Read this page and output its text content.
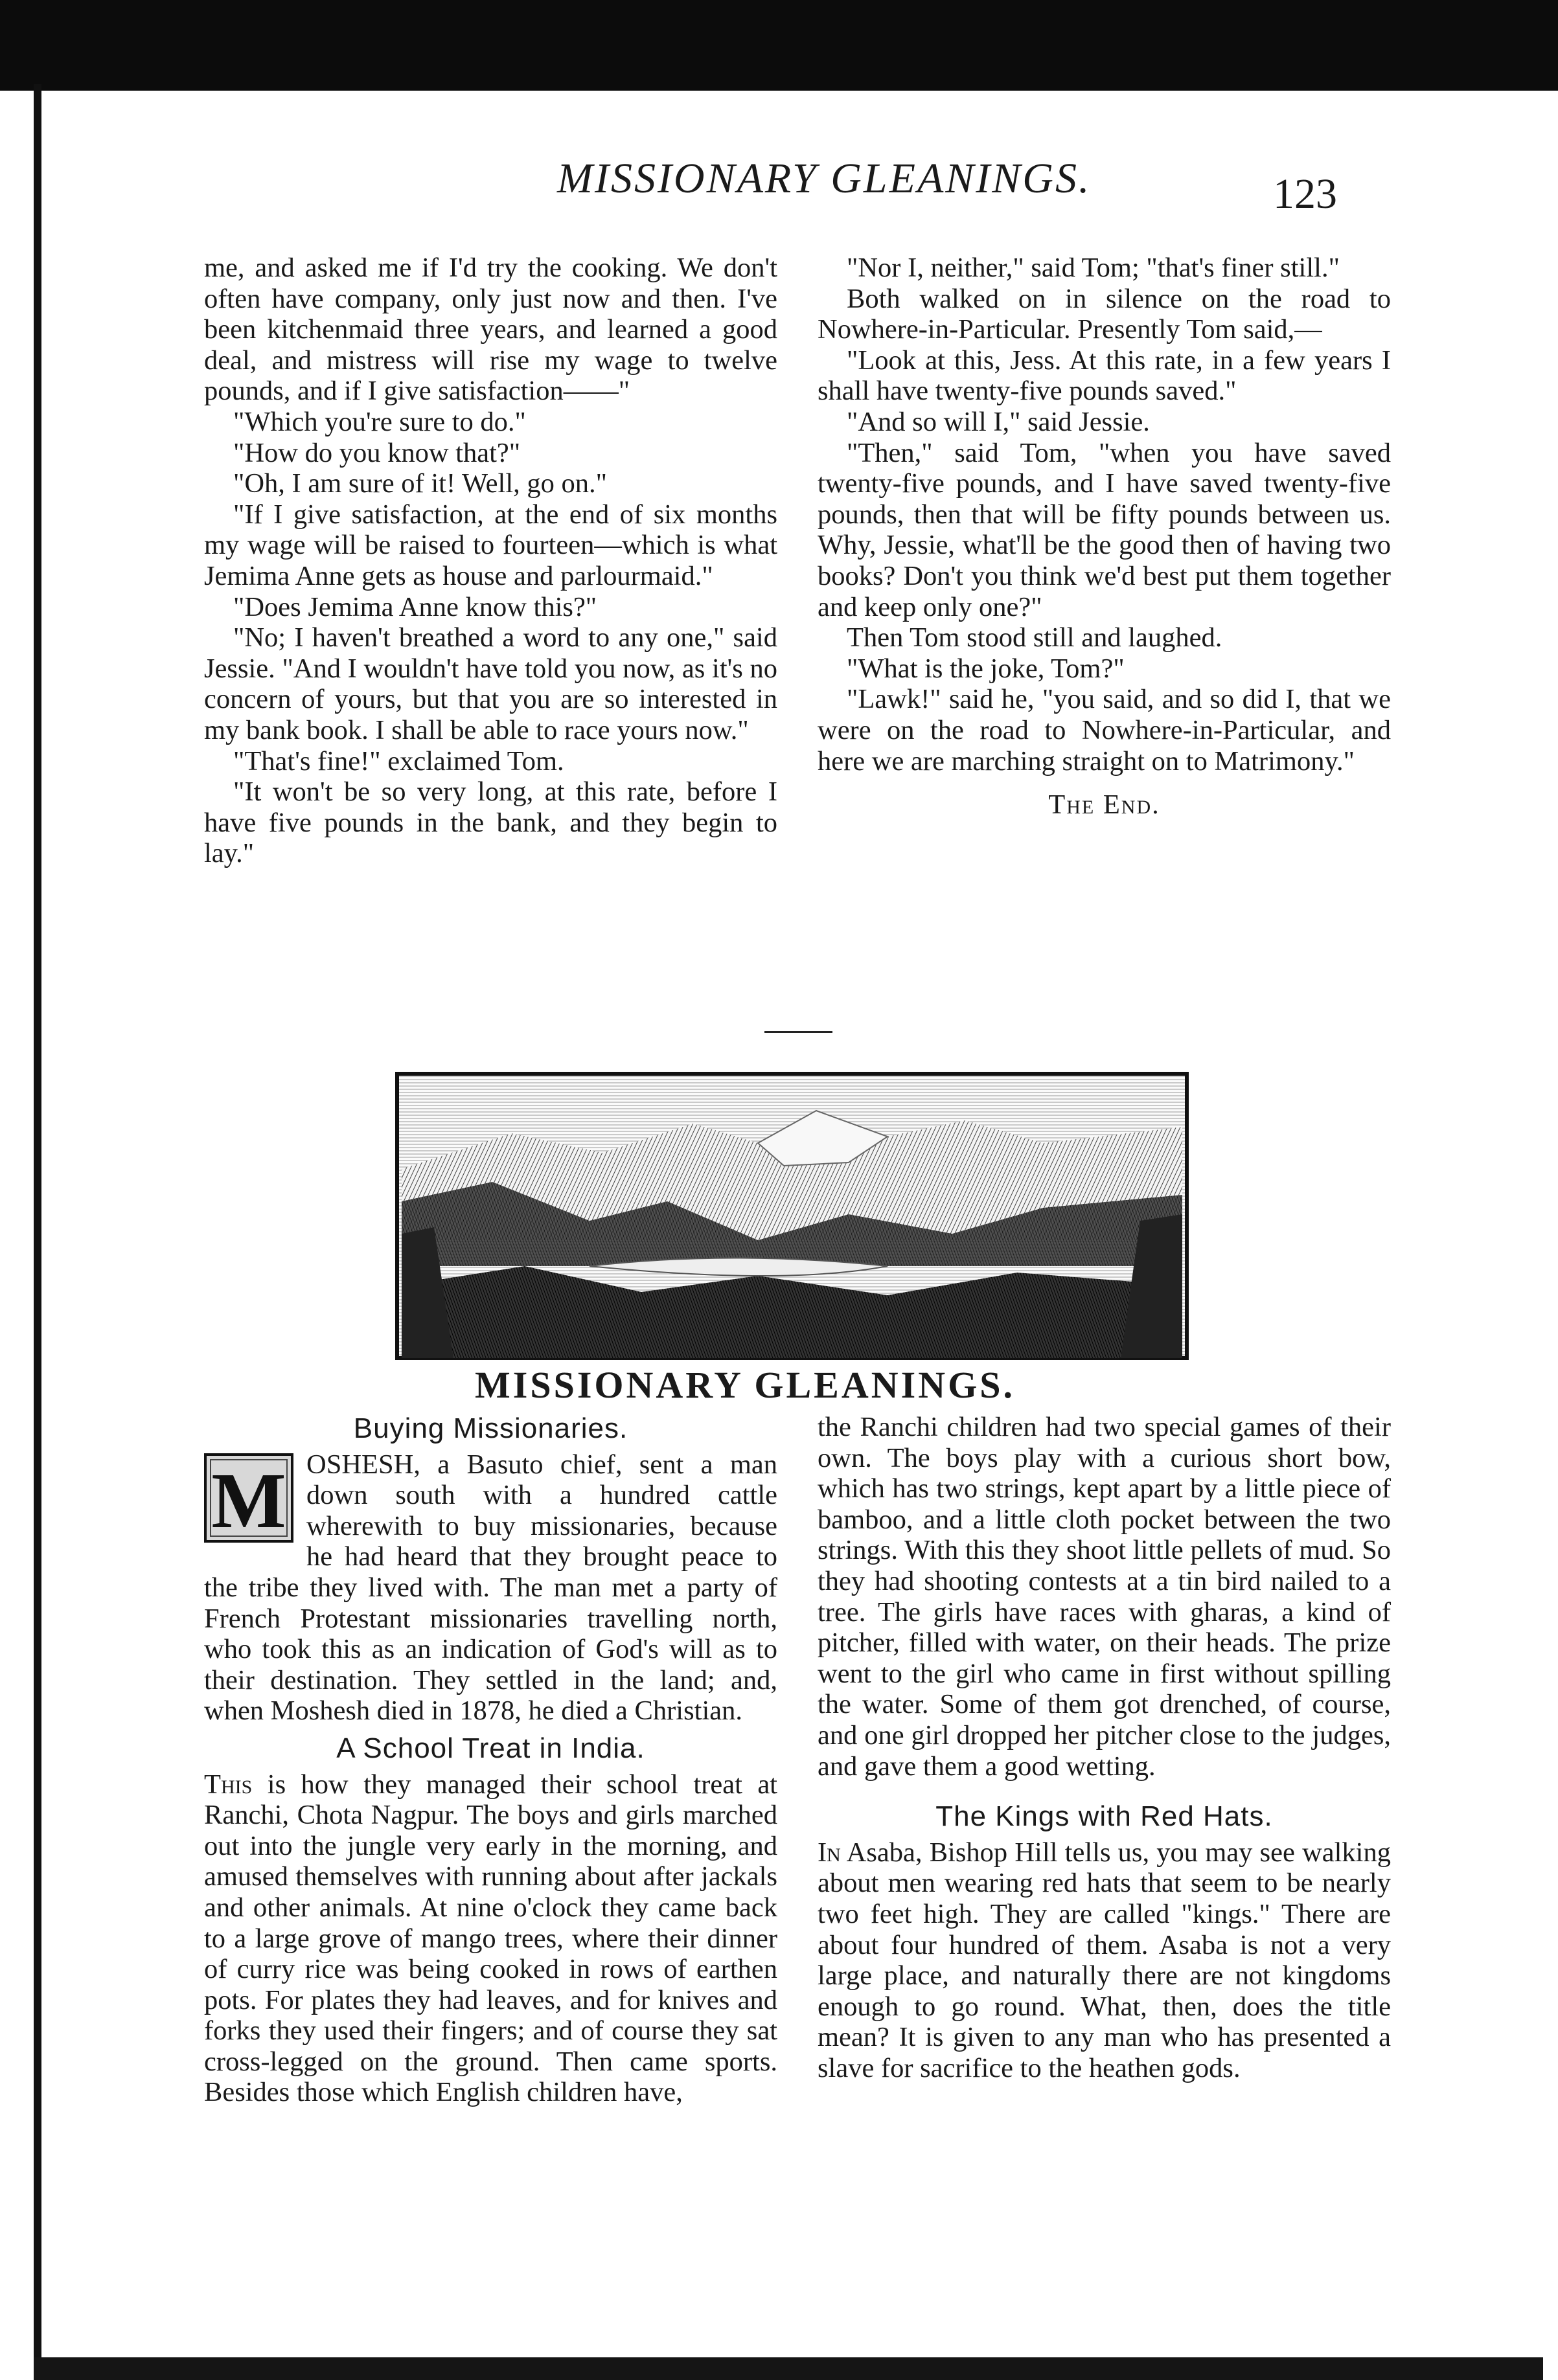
MISSIONARY GLEANINGS.	123

me, and asked me if I'd try the cooking. We don't often have company, only just now and then. I've been kitchenmaid three years, and learned a good deal, and mistress will rise my wage to twelve pounds, and if I give satisfaction——"

"Which you're sure to do."

"How do you know that?"

"Oh, I am sure of it! Well, go on."

"If I give satisfaction, at the end of six months my wage will be raised to fourteen—which is what Jemima Anne gets as house and parlourmaid."

"Does Jemima Anne know this?"

"No; I haven't breathed a word to any one," said Jessie. "And I wouldn't have told you now, as it's no concern of yours, but that you are so interested in my bank book. I shall be able to race yours now."

"That's fine!" exclaimed Tom.

"It won't be so very long, at this rate, before I have five pounds in the bank, and they begin to lay."

"Nor I, neither," said Tom; "that's finer still."

Both walked on in silence on the road to Nowhere-in-Particular. Presently Tom said,—

"Look at this, Jess. At this rate, in a few years I shall have twenty-five pounds saved."

"And so will I," said Jessie.

"Then," said Tom, "when you have saved twenty-five pounds, and I have saved twenty-five pounds, then that will be fifty pounds between us. Why, Jessie, what'll be the good then of having two books? Don't you think we'd best put them together and keep only one?"

Then Tom stood still and laughed.

"What is the joke, Tom?"

"Lawk!" said he, "you said, and so did I, that we were on the road to Nowhere-in-Particular, and here we are marching straight on to Matrimony."

The End.

MISSIONARY GLEANINGS.

Buying Missionaries.

M OSHESH, a Basuto chief, sent a man down south with a hundred cattle wherewith to buy missionaries, because he had heard that they brought peace to the tribe they lived with. The man met a party of French Protestant missionaries travelling north, who took this as an indication of God's will as to their destination. They settled in the land; and, when Moshesh died in 1878, he died a Christian.

A School Treat in India.

This is how they managed their school treat at Ranchi, Chota Nagpur. The boys and girls marched out into the jungle very early in the morning, and amused themselves with running about after jackals and other animals. At nine o'clock they came back to a large grove of mango trees, where their dinner of curry rice was being cooked in rows of earthen pots. For plates they had leaves, and for knives and forks they used their fingers; and of course they sat cross-legged on the ground. Then came sports. Besides those which English children have,

the Ranchi children had two special games of their own. The boys play with a curious short bow, which has two strings, kept apart by a little piece of bamboo, and a little cloth pocket between the two strings. With this they shoot little pellets of mud. So they had shooting contests at a tin bird nailed to a tree. The girls have races with gharas, a kind of pitcher, filled with water, on their heads. The prize went to the girl who came in first without spilling the water. Some of them got drenched, of course, and one girl dropped her pitcher close to the judges, and gave them a good wetting.

The Kings with Red Hats.

In Asaba, Bishop Hill tells us, you may see walking about men wearing red hats that seem to be nearly two feet high. They are called "kings." There are about four hundred of them. Asaba is not a very large place, and naturally there are not kingdoms enough to go round. What, then, does the title mean? It is given to any man who has presented a slave for sacrifice to the heathen gods.
